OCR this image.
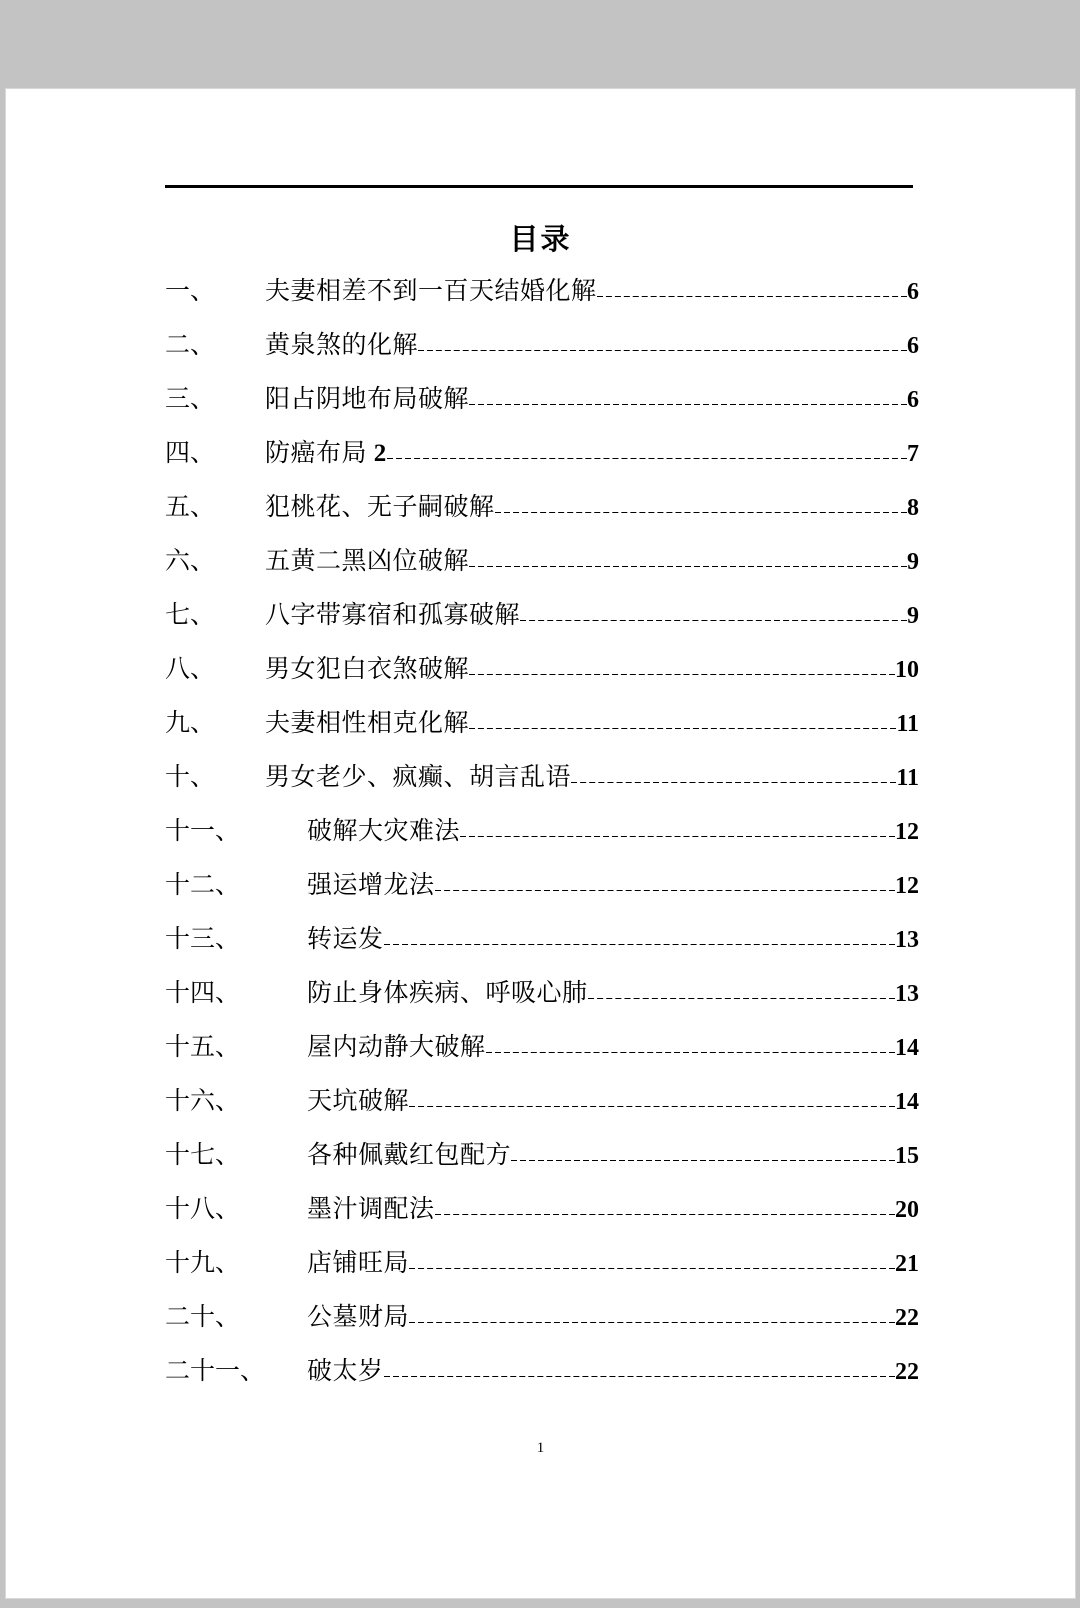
目录
一、	夫妻相差不到一百天结婚化解	6
二、	黄泉煞的化解	6
三、	阳占阴地布局破解	6
四、	防癌布局 2	7
五、	犯桃花、无子嗣破解	8
六、	五黄二黑凶位破解	9
七、	八字带寡宿和孤寡破解	9
八、	男女犯白衣煞破解	10
九、	夫妻相性相克化解	11
十、	男女老少、疯癫、胡言乱语	11
十一、	破解大灾难法	12
十二、	强运增龙法	12
十三、	转运发	13
十四、	防止身体疾病、呼吸心肺	13
十五、	屋内动静大破解	14
十六、	天坑破解	14
十七、	各种佩戴红包配方	15
十八、	墨汁调配法	20
十九、	店铺旺局	21
二十、	公墓财局	22
二十一、	破太岁	22
1
